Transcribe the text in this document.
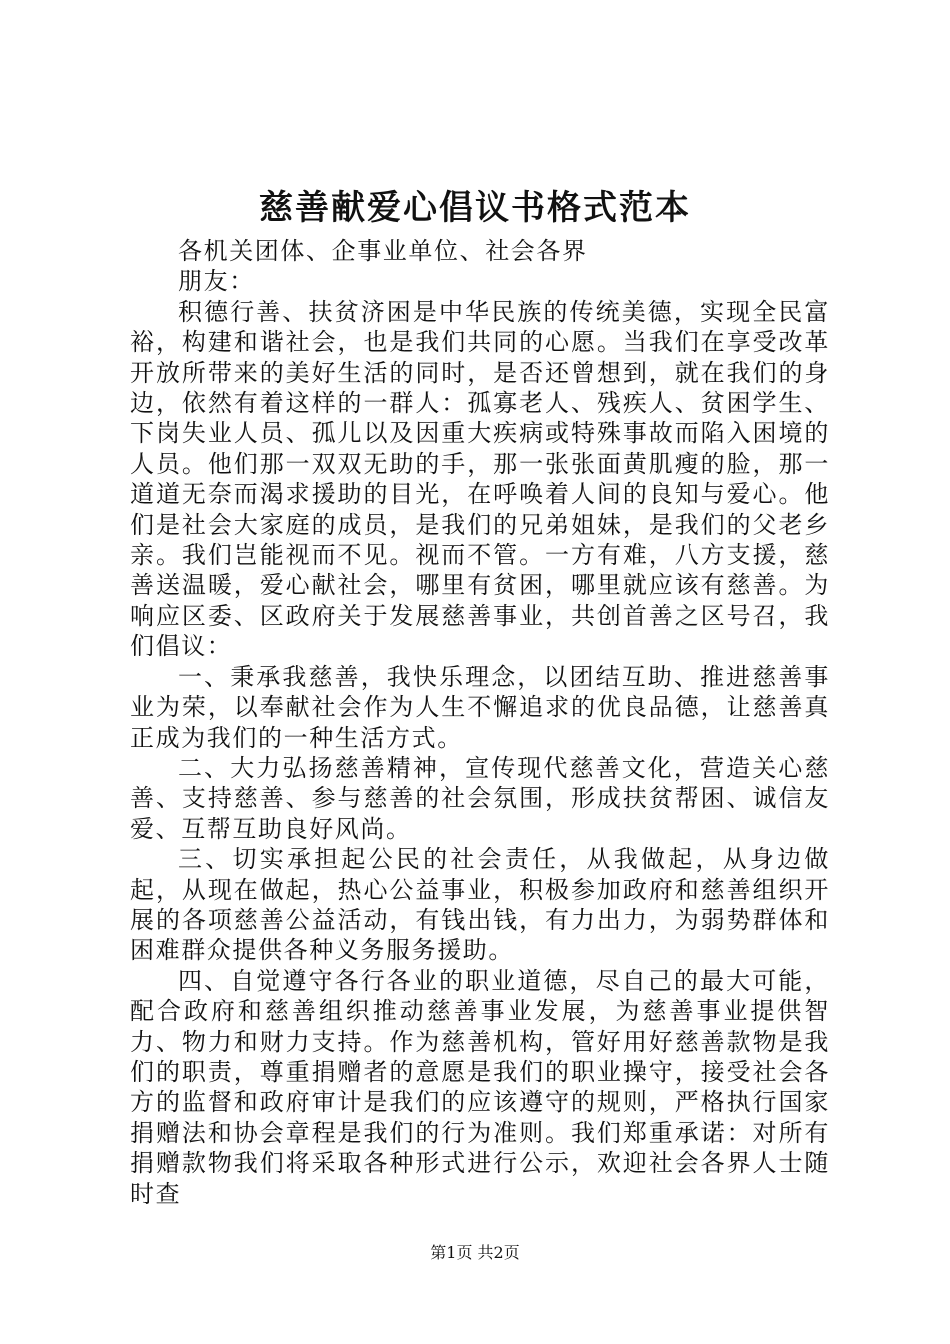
慈善献爱心倡议书格式范本

各机关团体、企事业单位、社会各界

朋友：

积德行善、扶贫济困是中华民族的传统美德，实现全民富裕，构建和谐社会，也是我们共同的心愿。当我们在享受改革开放所带来的美好生活的同时，是否还曾想到，就在我们的身边，依然有着这样的一群人：孤寡老人、残疾人、贫困学生、下岗失业人员、孤儿以及因重大疾病或特殊事故而陷入困境的人员。他们那一双双无助的手，那一张张面黄肌瘦的脸，那一道道无奈而渴求援助的目光，在呼唤着人间的良知与爱心。他们是社会大家庭的成员，是我们的兄弟姐妹，是我们的父老乡亲。我们岂能视而不见。视而不管。一方有难，八方支援，慈善送温暖，爱心献社会，哪里有贫困，哪里就应该有慈善。为响应区委、区政府关于发展慈善事业，共创首善之区号召，我们倡议：

一、秉承我慈善，我快乐理念，以团结互助、推进慈善事业为荣，以奉献社会作为人生不懈追求的优良品德，让慈善真正成为我们的一种生活方式。

二、大力弘扬慈善精神，宣传现代慈善文化，营造关心慈善、支持慈善、参与慈善的社会氛围，形成扶贫帮困、诚信友爱、互帮互助良好风尚。

三、切实承担起公民的社会责任，从我做起，从身边做起，从现在做起，热心公益事业，积极参加政府和慈善组织开展的各项慈善公益活动，有钱出钱，有力出力，为弱势群体和困难群众提供各种义务服务援助。

四、自觉遵守各行各业的职业道德，尽自己的最大可能，配合政府和慈善组织推动慈善事业发展，为慈善事业提供智力、物力和财力支持。作为慈善机构，管好用好慈善款物是我们的职责，尊重捐赠者的意愿是我们的职业操守，接受社会各方的监督和政府审计是我们的应该遵守的规则，严格执行国家捐赠法和协会章程是我们的行为准则。我们郑重承诺：对所有捐赠款物我们将采取各种形式进行公示，欢迎社会各界人士随时查

第1页 共2页
